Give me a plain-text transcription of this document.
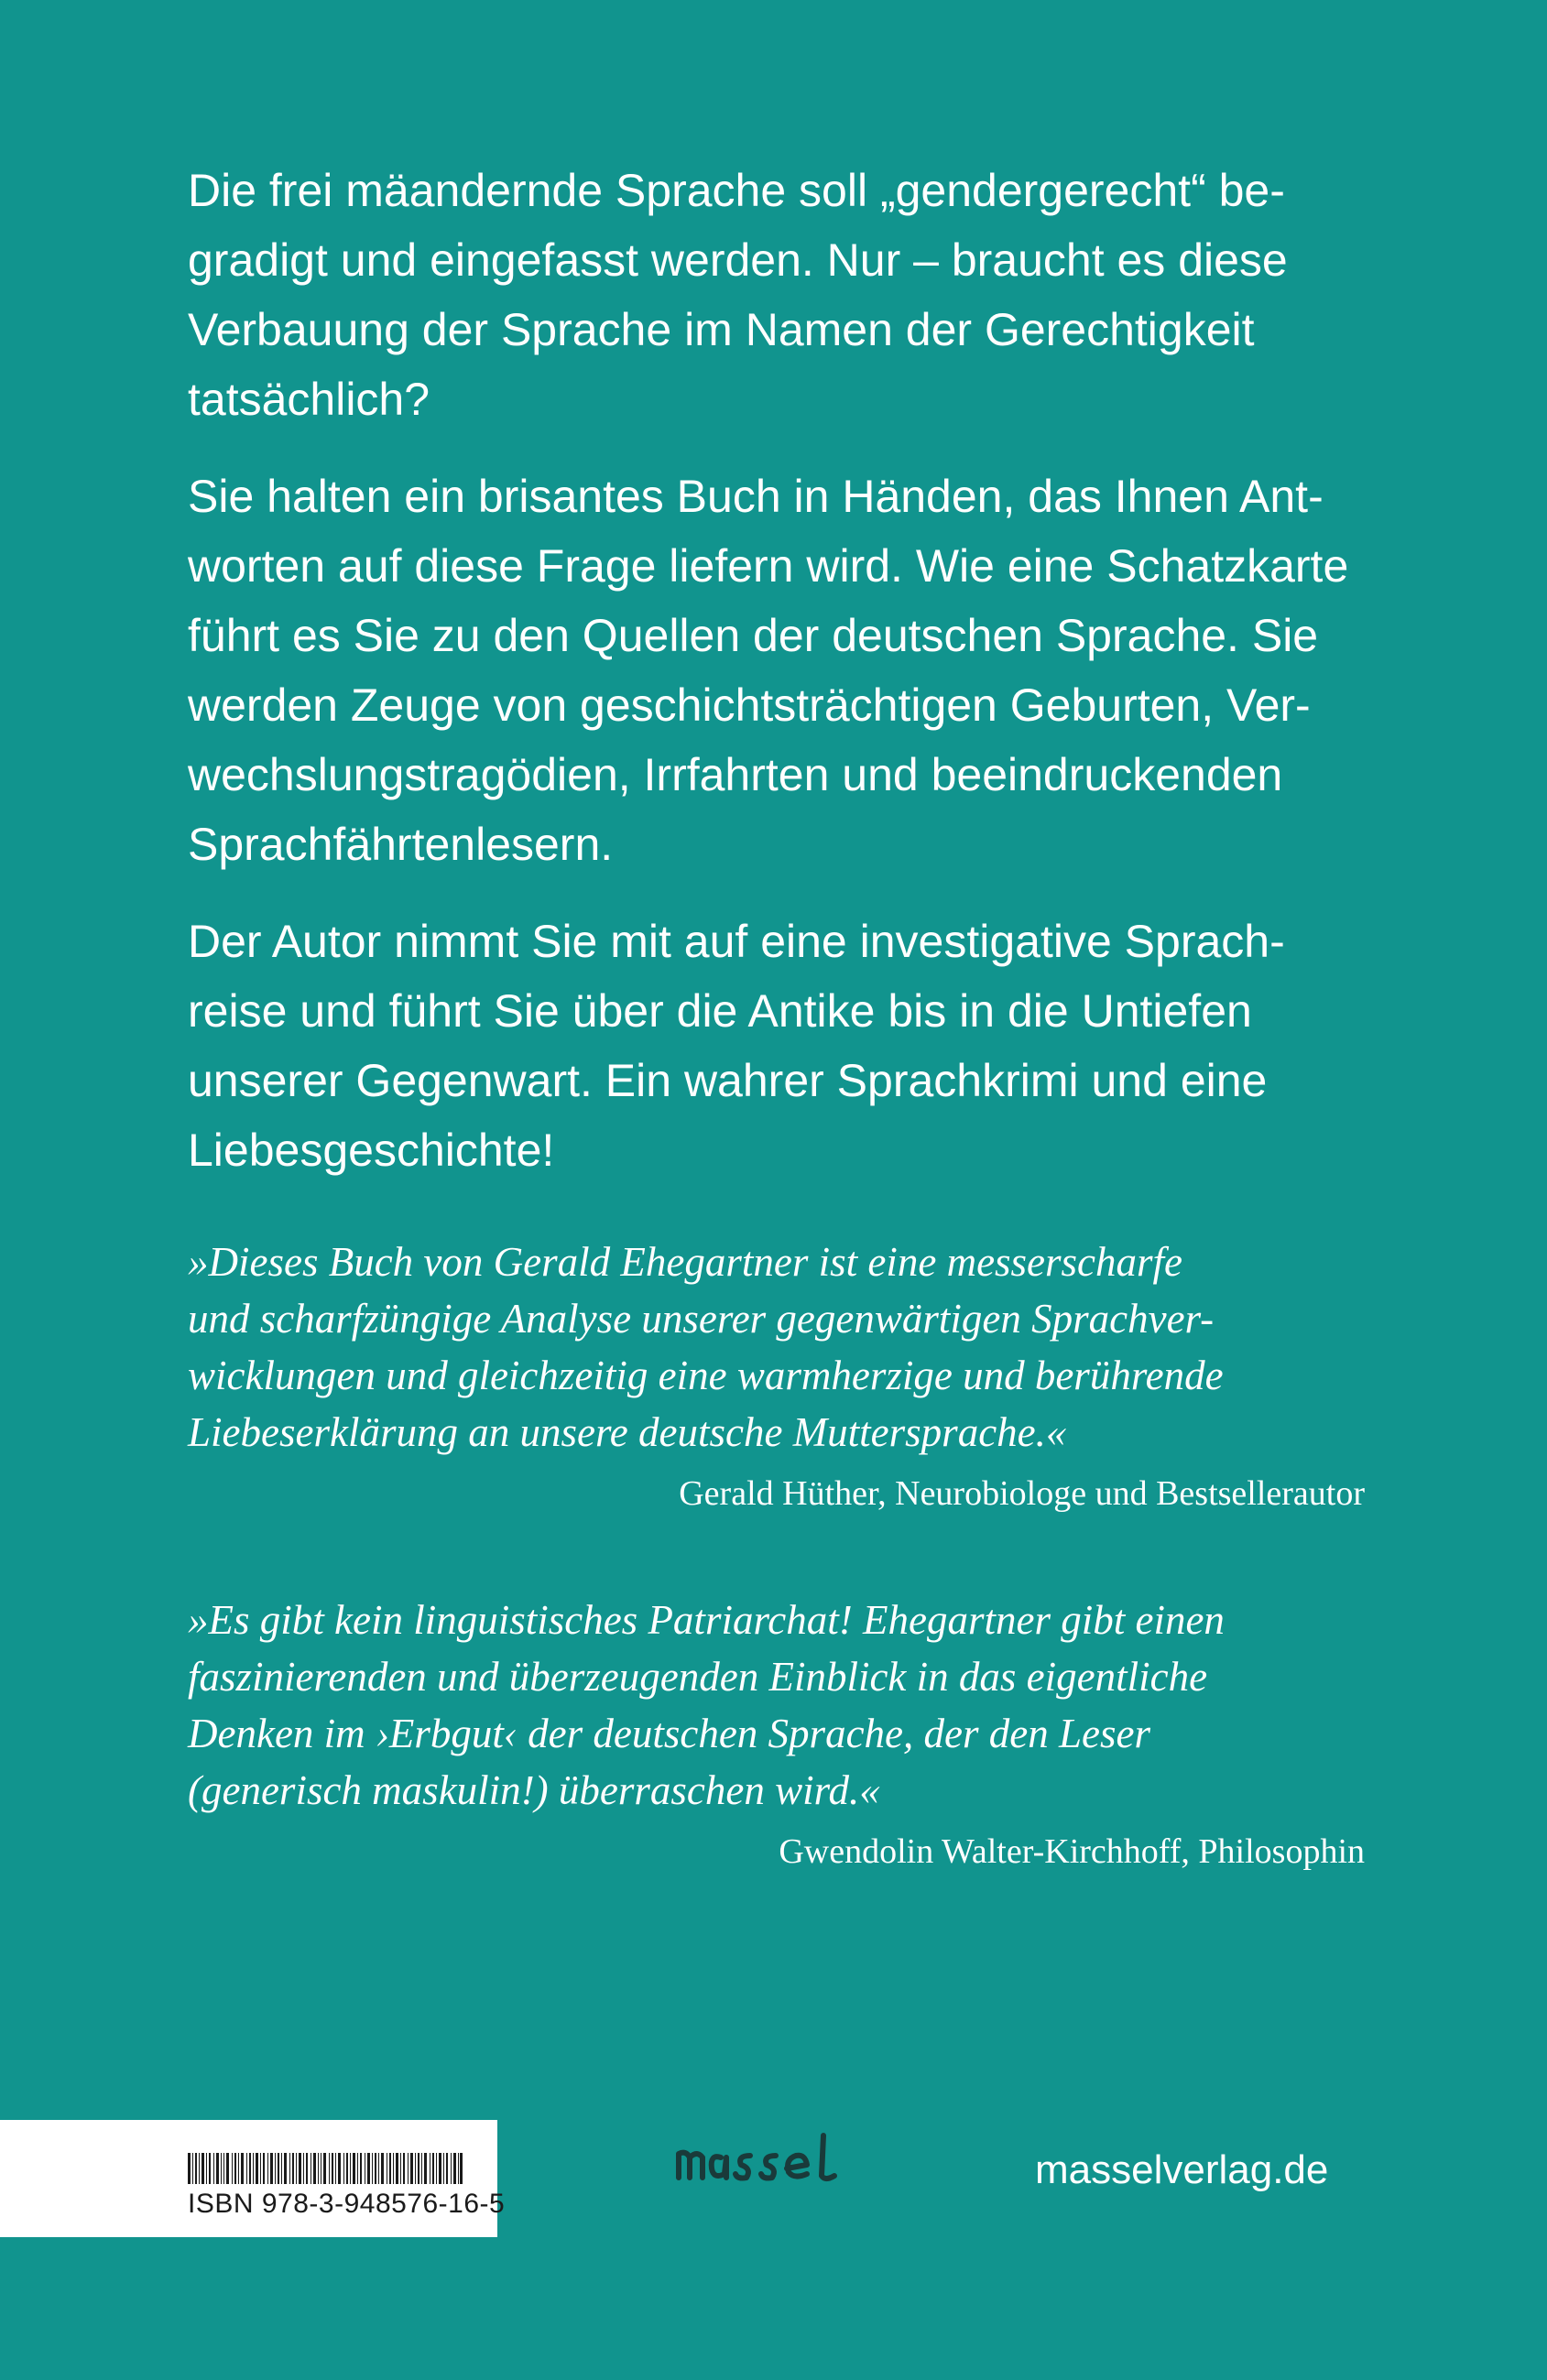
Die frei mäandernde Sprache soll „gendergerecht“ be-
gradigt und eingefasst werden. Nur – braucht es diese
Verbauung der Sprache im Namen der Gerechtigkeit
tatsächlich?

Sie halten ein brisantes Buch in Händen, das Ihnen Ant-
worten auf diese Frage liefern wird. Wie eine Schatzkarte
führt es Sie zu den Quellen der deutschen Sprache. Sie
werden Zeuge von geschichtsträchtigen Geburten, Ver-
wechslungstragödien, Irrfahrten und beeindruckenden
Sprachfährtenlesern.

Der Autor nimmt Sie mit auf eine investigative Sprach-
reise und führt Sie über die Antike bis in die Untiefen
unserer Gegenwart. Ein wahrer Sprachkrimi und eine
Liebesgeschichte!

»Dieses Buch von Gerald Ehegartner ist eine messerscharfe
und scharfzüngige Analyse unserer gegenwärtigen Sprachver-
wicklungen und gleichzeitig eine warmherzige und berührende
Liebeserklärung an unsere deutsche Muttersprache.«

Gerald Hüther, Neurobiologe und Bestsellerautor

»Es gibt kein linguistisches Patriarchat! Ehegartner gibt einen
faszinierenden und überzeugenden Einblick in das eigentliche
Denken im ›Erbgut‹ der deutschen Sprache, der den Leser
(generisch maskulin!) überraschen wird.«

Gwendolin Walter-Kirchhoff, Philosophin

ISBN 978-3-948576-16-5
masselverlag.de
